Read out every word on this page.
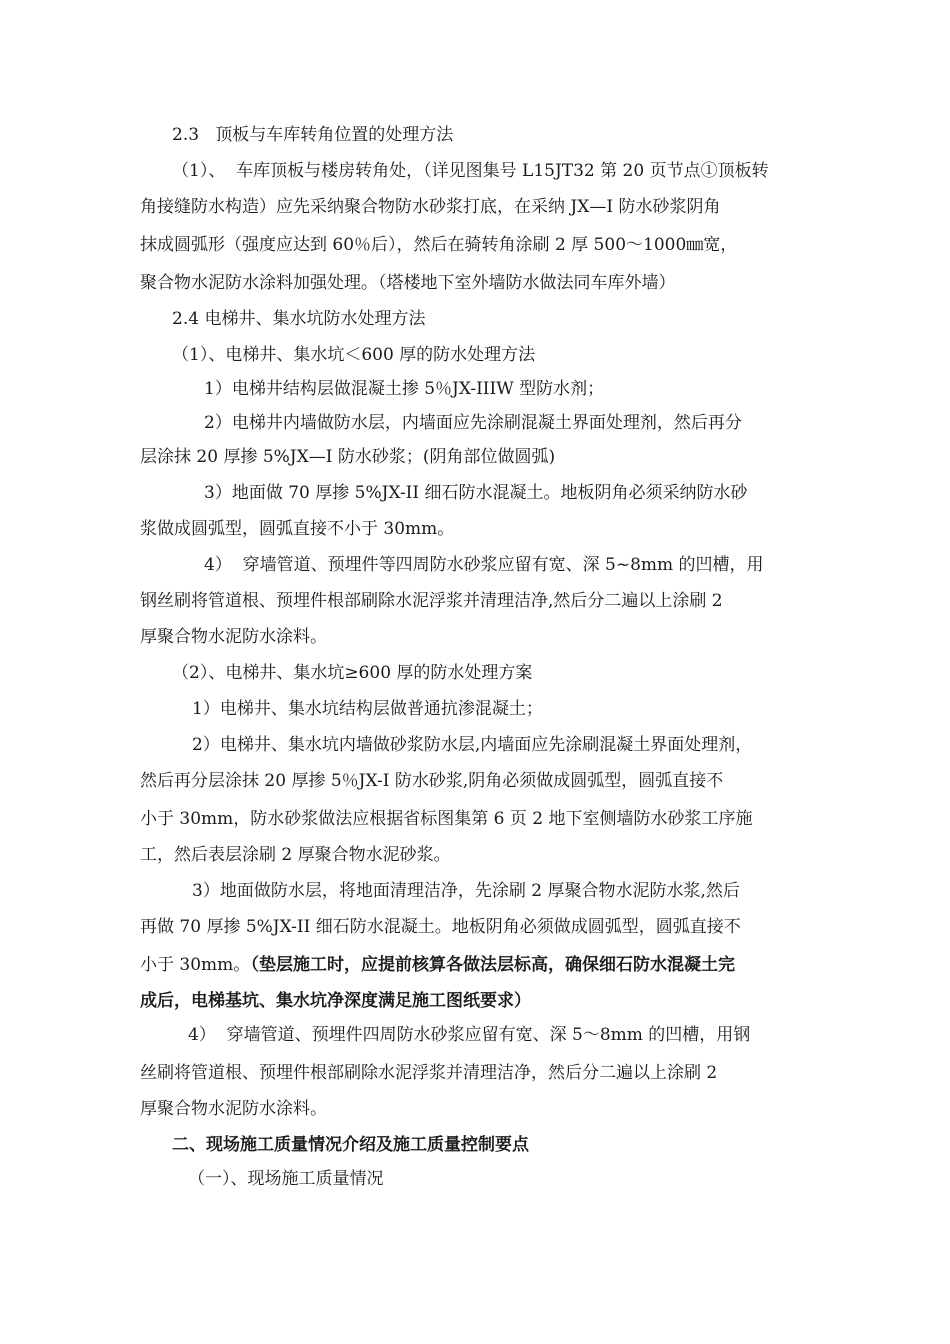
2.3   顶板与车库转角位置的处理方法
（1）、  车库顶板与楼房转角处，（详见图集号 L15JT32 第 20 页节点①顶板转
角接缝防水构造）应先采纳聚合物防水砂浆打底，在采纳 JX—I 防水砂浆阴角
抹成圆弧形（强度应达到 60％后），然后在骑转角涂刷 2 厚 500～1000㎜宽，
聚合物水泥防水涂料加强处理。（塔楼地下室外墙防水做法同车库外墙）
2.4 电梯井、集水坑防水处理方法
（1）、电梯井、集水坑＜600 厚的防水处理方法
1）电梯井结构层做混凝土掺 5％JX-IIIW 型防水剂；
2）电梯井内墙做防水层，内墙面应先涂刷混凝土界面处理剂，然后再分
层涂抹 20 厚掺 5%JX—I 防水砂浆；(阴角部位做圆弧)
3）地面做 70 厚掺 5%JX-II 细石防水混凝土。地板阴角必须采纳防水砂
浆做成圆弧型，圆弧直接不小于 30mm。
4）  穿墙管道、预埋件等四周防水砂浆应留有宽、深 5~8mm 的凹槽，用
钢丝刷将管道根、预埋件根部刷除水泥浮浆并清理洁净,然后分二遍以上涂刷 2
厚聚合物水泥防水涂料。
（2）、电梯井、集水坑≥600 厚的防水处理方案
1）电梯井、集水坑结构层做普通抗渗混凝土；
2）电梯井、集水坑内墙做砂浆防水层,内墙面应先涂刷混凝土界面处理剂，
然后再分层涂抹 20 厚掺 5％JX-I 防水砂浆,阴角必须做成圆弧型，圆弧直接不
小于 30mm，防水砂浆做法应根据省标图集第 6 页 2 地下室侧墙防水砂浆工序施
工，然后表层涂刷 2 厚聚合物水泥砂浆。
3）地面做防水层，将地面清理洁净，先涂刷 2 厚聚合物水泥防水浆,然后
再做 70 厚掺 5%JX-II 细石防水混凝土。地板阴角必须做成圆弧型，圆弧直接不
小于 30mm。
（垫层施工时，应提前核算各做法层标高，确保细石防水混凝土完
成后，电梯基坑、集水坑净深度满足施工图纸要求）
4）  穿墙管道、预埋件四周防水砂浆应留有宽、深 5～8mm 的凹槽，用钢
丝刷将管道根、预埋件根部刷除水泥浮浆并清理洁净，然后分二遍以上涂刷 2
厚聚合物水泥防水涂料。
二、现场施工质量情况介绍及施工质量控制要点
（一）、现场施工质量情况
